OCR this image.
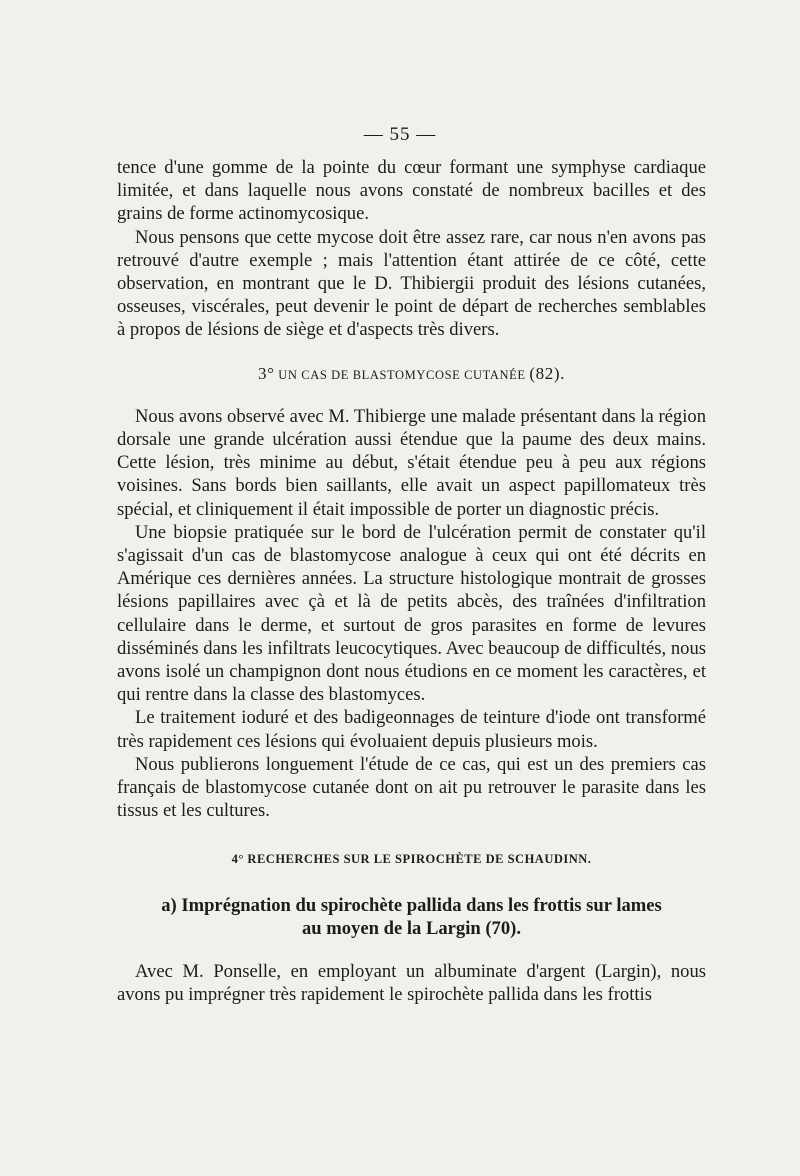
— 55 —

tence d'une gomme de la pointe du cœur formant une symphyse cardiaque limitée, et dans laquelle nous avons constaté de nombreux bacilles et des grains de forme actinomycosique.

Nous pensons que cette mycose doit être assez rare, car nous n'en avons pas retrouvé d'autre exemple ; mais l'attention étant attirée de ce côté, cette observation, en montrant que le D. Thibiergii produit des lésions cutanées, osseuses, viscérales, peut devenir le point de départ de recherches semblables à propos de lésions de siège et d'aspects très divers.

3° UN CAS DE BLASTOMYCOSE CUTANÉE (82).

Nous avons observé avec M. Thibierge une malade présentant dans la région dorsale une grande ulcération aussi étendue que la paume des deux mains. Cette lésion, très minime au début, s'était étendue peu à peu aux régions voisines. Sans bords bien saillants, elle avait un aspect papillomateux très spécial, et cliniquement il était impossible de porter un diagnostic précis.

Une biopsie pratiquée sur le bord de l'ulcération permit de constater qu'il s'agissait d'un cas de blastomycose analogue à ceux qui ont été décrits en Amérique ces dernières années. La structure histologique montrait de grosses lésions papillaires avec çà et là de petits abcès, des traînées d'infiltration cellulaire dans le derme, et surtout de gros parasites en forme de levures disséminés dans les infiltrats leucocytiques. Avec beaucoup de difficultés, nous avons isolé un champignon dont nous étudions en ce moment les caractères, et qui rentre dans la classe des blastomyces.

Le traitement ioduré et des badigeonnages de teinture d'iode ont transformé très rapidement ces lésions qui évoluaient depuis plusieurs mois.

Nous publierons longuement l'étude de ce cas, qui est un des premiers cas français de blastomycose cutanée dont on ait pu retrouver le parasite dans les tissus et les cultures.

4° RECHERCHES SUR LE SPIROCHÈTE DE SCHAUDINN.

a) Imprégnation du spirochète pallida dans les frottis sur lames
au moyen de la Largin (70).

Avec M. Ponselle, en employant un albuminate d'argent (Largin), nous avons pu imprégner très rapidement le spirochète pallida dans les frottis
